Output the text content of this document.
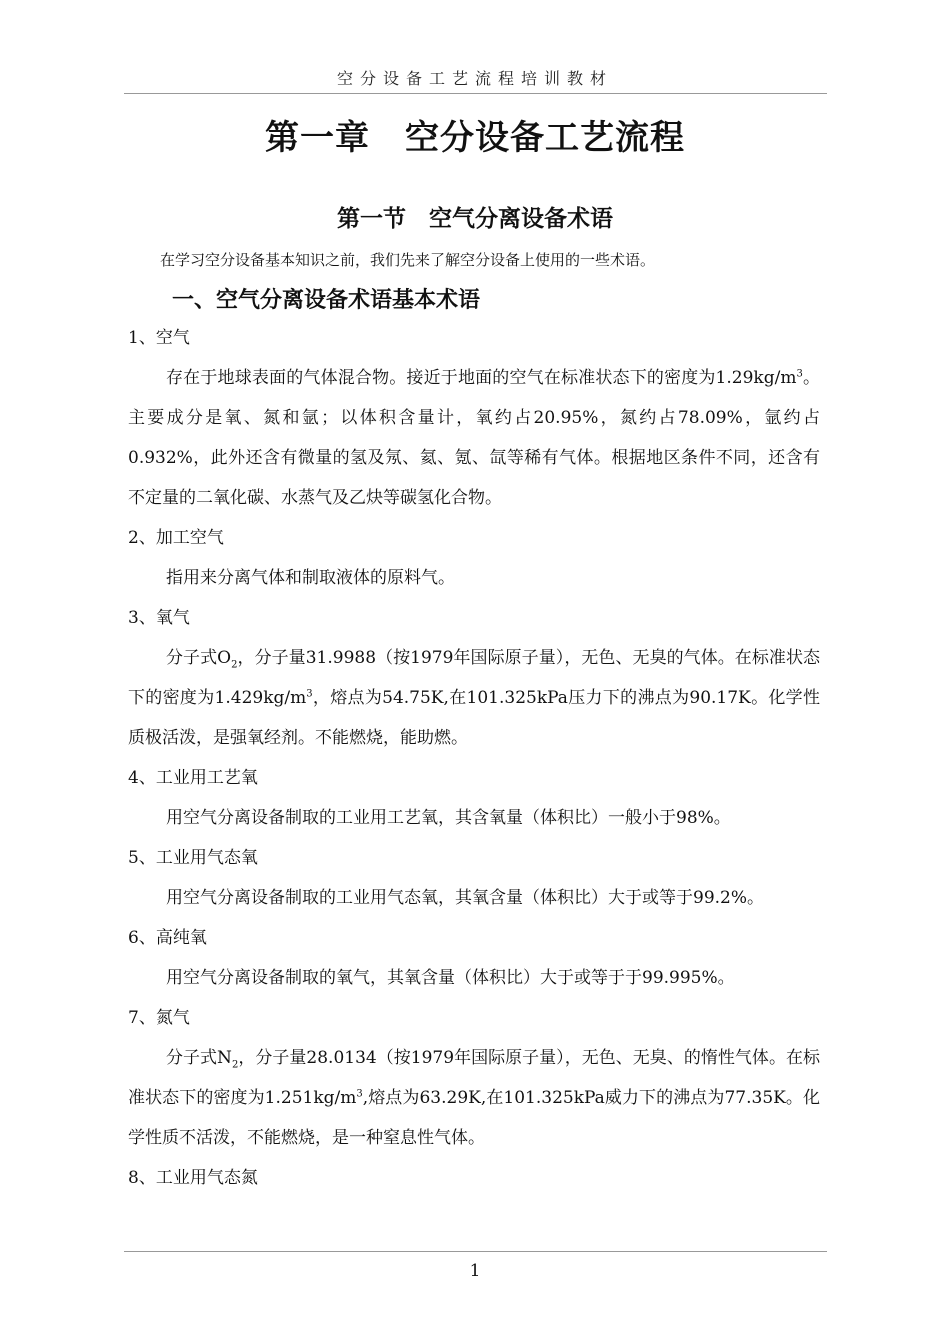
空分设备工艺流程培训教材
第一章　空分设备工艺流程
第一节　空气分离设备术语
在学习空分设备基本知识之前，我们先来了解空分设备上使用的一些术语。
一、空气分离设备术语基本术语

1、空气

存在于地球表面的气体混合物。接近于地面的空气在标准状态下的密度为$1.29kg/m^3$。主要成分是氧、氮和氩；以体积含量计，氧约占20.95%，氮约占78.09%，氩约占0.932%，此外还含有微量的氢及氖、氦、氪、氙等稀有气体。根据地区条件不同，还含有不定量的二氧化碳、水蒸气及乙炔等碳氢化合物。

2、加工空气

指用来分离气体和制取液体的原料气。

3、氧气

分子式$O_2$，分子量31.9988（按1979年国际原子量），无色、无臭的气体。在标准状态下的密度为$1.429kg/m^3$，熔点为54.75K,在101.325kPa压力下的沸点为90.17K。化学性质极活泼，是强氧经剂。不能燃烧，能助燃。

4、工业用工艺氧

用空气分离设备制取的工业用工艺氧，其含氧量（体积比）一般小于98%。

5、工业用气态氧

用空气分离设备制取的工业用气态氧，其氧含量（体积比）大于或等于99.2%。

6、高纯氧

用空气分离设备制取的氧气，其氧含量（体积比）大于或等于于99.995%。

7、氮气

分子式$N_2$，分子量28.0134（按1979年国际原子量），无色、无臭、的惰性气体。在标准状态下的密度为$1.251kg/m^3$,熔点为63.29K,在101.325kPa威力下的沸点为77.35K。化学性质不活泼，不能燃烧，是一种窒息性气体。

8、工业用气态氮

1
